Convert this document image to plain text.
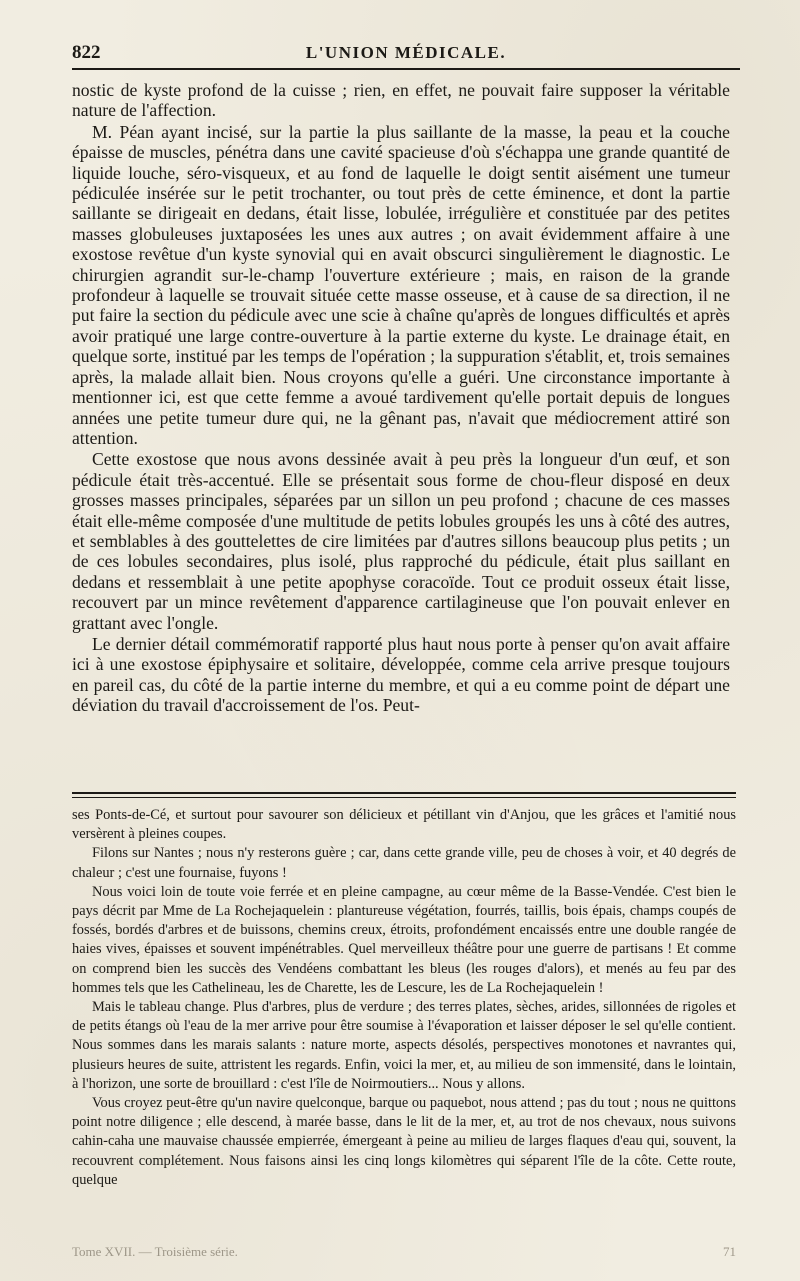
822	L'UNION MÉDICALE.

nostic de kyste profond de la cuisse ; rien, en effet, ne pouvait faire supposer la véritable nature de l'affection.

M. Péan ayant incisé, sur la partie la plus saillante de la masse, la peau et la couche épaisse de muscles, pénétra dans une cavité spacieuse d'où s'échappa une grande quantité de liquide louche, séro-visqueux, et au fond de laquelle le doigt sentit aisément une tumeur pédiculée insérée sur le petit trochanter, ou tout près de cette éminence, et dont la partie saillante se dirigeait en dedans, était lisse, lobulée, irrégulière et constituée par des petites masses globuleuses juxtaposées les unes aux autres ; on avait évidemment affaire à une exostose revêtue d'un kyste synovial qui en avait obscurci singulièrement le diagnostic. Le chirurgien agrandit sur-le-champ l'ouverture extérieure ; mais, en raison de la grande profondeur à laquelle se trouvait située cette masse osseuse, et à cause de sa direction, il ne put faire la section du pédicule avec une scie à chaîne qu'après de longues difficultés et après avoir pratiqué une large contre-ouverture à la partie externe du kyste. Le drainage était, en quelque sorte, institué par les temps de l'opération ; la suppuration s'établit, et, trois semaines après, la malade allait bien. Nous croyons qu'elle a guéri. Une circonstance importante à mentionner ici, est que cette femme a avoué tardivement qu'elle portait depuis de longues années une petite tumeur dure qui, ne la gênant pas, n'avait que médiocrement attiré son attention.

Cette exostose que nous avons dessinée avait à peu près la longueur d'un œuf, et son pédicule était très-accentué. Elle se présentait sous forme de chou-fleur disposé en deux grosses masses principales, séparées par un sillon un peu profond ; chacune de ces masses était elle-même composée d'une multitude de petits lobules groupés les uns à côté des autres, et semblables à des gouttelettes de cire limitées par d'autres sillons beaucoup plus petits ; un de ces lobules secondaires, plus isolé, plus rapproché du pédicule, était plus saillant en dedans et ressemblait à une petite apophyse coracoïde. Tout ce produit osseux était lisse, recouvert par un mince revêtement d'apparence cartilagineuse que l'on pouvait enlever en grattant avec l'ongle.

Le dernier détail commémoratif rapporté plus haut nous porte à penser qu'on avait affaire ici à une exostose épiphysaire et solitaire, développée, comme cela arrive presque toujours en pareil cas, du côté de la partie interne du membre, et qui a eu comme point de départ une déviation du travail d'accroissement de l'os. Peut-

ses Ponts-de-Cé, et surtout pour savourer son délicieux et pétillant vin d'Anjou, que les grâces et l'amitié nous versèrent à pleines coupes.

Filons sur Nantes ; nous n'y resterons guère ; car, dans cette grande ville, peu de choses à voir, et 40 degrés de chaleur ; c'est une fournaise, fuyons !

Nous voici loin de toute voie ferrée et en pleine campagne, au cœur même de la Basse-Vendée. C'est bien le pays décrit par Mme de La Rochejaquelein : plantureuse végétation, fourrés, taillis, bois épais, champs coupés de fossés, bordés d'arbres et de buissons, chemins creux, étroits, profondément encaissés entre une double rangée de haies vives, épaisses et souvent impénétrables. Quel merveilleux théâtre pour une guerre de partisans ! Et comme on comprend bien les succès des Vendéens combattant les bleus (les rouges d'alors), et menés au feu par des hommes tels que les Cathelineau, les de Charette, les de Lescure, les de La Rochejaquelein !

Mais le tableau change. Plus d'arbres, plus de verdure ; des terres plates, sèches, arides, sillonnées de rigoles et de petits étangs où l'eau de la mer arrive pour être soumise à l'évaporation et laisser déposer le sel qu'elle contient. Nous sommes dans les marais salants : nature morte, aspects désolés, perspectives monotones et navrantes qui, plusieurs heures de suite, attristent les regards. Enfin, voici la mer, et, au milieu de son immensité, dans le lointain, à l'horizon, une sorte de brouillard : c'est l'île de Noirmoutiers... Nous y allons.

Vous croyez peut-être qu'un navire quelconque, barque ou paquebot, nous attend ; pas du tout ; nous ne quittons point notre diligence ; elle descend, à marée basse, dans le lit de la mer, et, au trot de nos chevaux, nous suivons cahin-caha une mauvaise chaussée empierrée, émergeant à peine au milieu de larges flaques d'eau qui, souvent, la recouvrent complétement. Nous faisons ainsi les cinq longs kilomètres qui séparent l'île de la côte. Cette route, quelque

Tome XVII. — Troisième série.	71
